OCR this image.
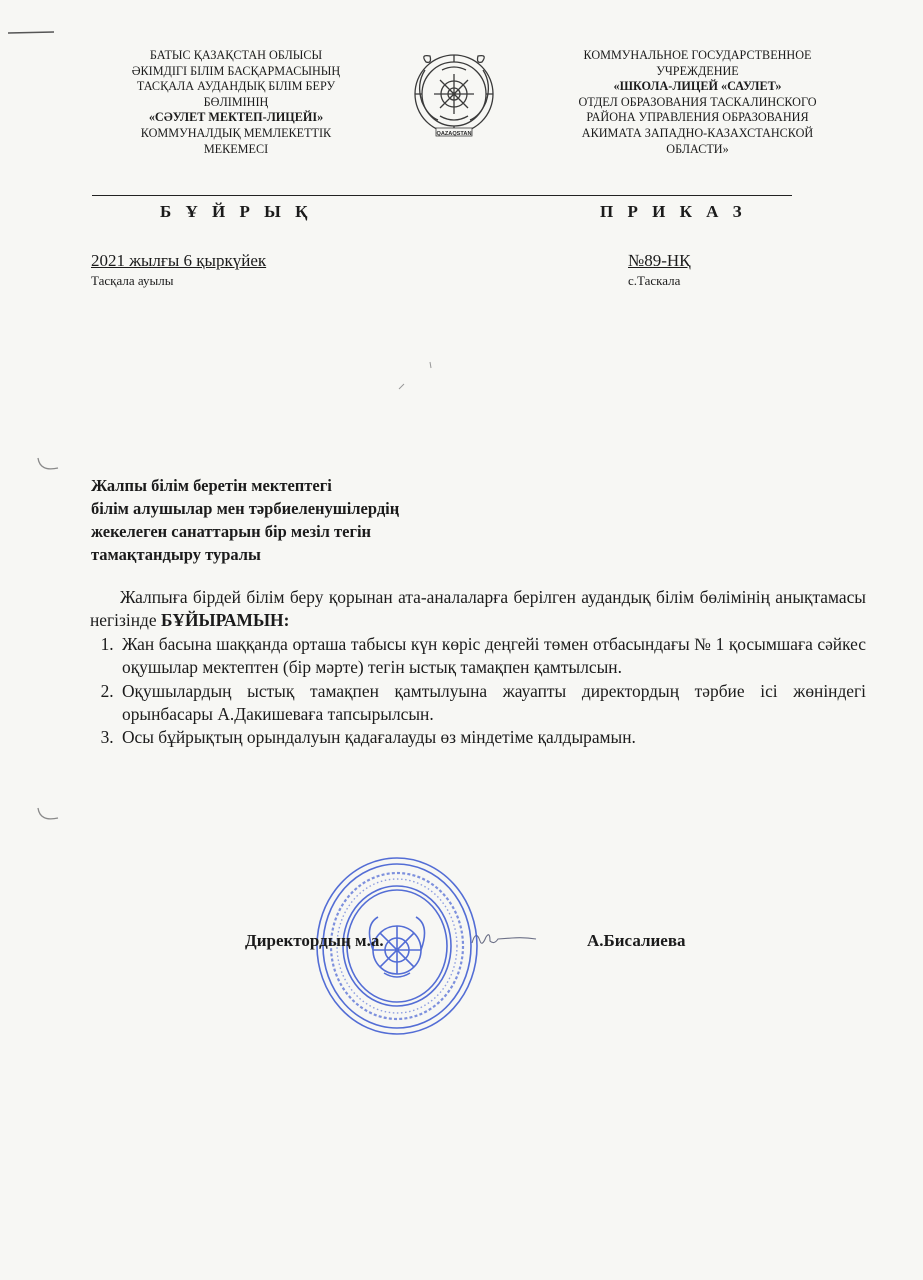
БАТЫС ҚАЗАҚСТАН ОБЛЫСЫ
ӘКІМДІГІ БІЛІМ БАСҚАРМАСЫНЫҢ
ТАСҚАЛА АУДАНДЫҚ БІЛІМ БЕРУ
БӨЛІМІНІҢ
«СӘУЛЕТ МЕКТЕП-ЛИЦЕЙІ»
КОММУНАЛДЫҚ МЕМЛЕКЕТТІК
МЕКЕМЕСІ
QAZAQSTAN
КОММУНАЛЬНОЕ ГОСУДАРСТВЕННОЕ
УЧРЕЖДЕНИЕ
«ШКОЛА-ЛИЦЕЙ «САУЛЕТ»
ОТДЕЛ ОБРАЗОВАНИЯ ТАСКАЛИНСКОГО
РАЙОНА УПРАВЛЕНИЯ ОБРАЗОВАНИЯ
АКИМАТА ЗАПАДНО-КАЗАХСТАНСКОЙ
ОБЛАСТИ»
Б Ұ Й Р Ы Қ	П Р И К А З
2021 жылғы 6 қыркүйек
Тасқала ауылы
№89-НҚ
с.Таскала
Жалпы білім беретін мектептегі
білім алушылар мен тәрбиеленушілердің
жекелеген санаттарын бір мезіл тегін
тамақтандыру туралы

Жалпыға бірдей білім беру қорынан ата-аналаларға берілген аудандық білім бөлімінің анықтамасы негізінде БҰЙЫРАМЫН:

1. Жан басына шаққанда орташа табысы күн көріс деңгейі төмен отбасындағы № 1 қосымшаға сәйкес оқушылар мектептен (бір мәрте) тегін ыстық тамақпен қамтылсын.
2. Оқушылардың ыстық тамақпен қамтылуына жауапты директордың тәрбие ісі жөніндегі орынбасары А.Дакишеваға тапсырылсын.
3. Осы бұйрықтың орындалуын қадағалауды өз міндетіме қалдырамын.
Директордың м.а.	А.Бисалиева
